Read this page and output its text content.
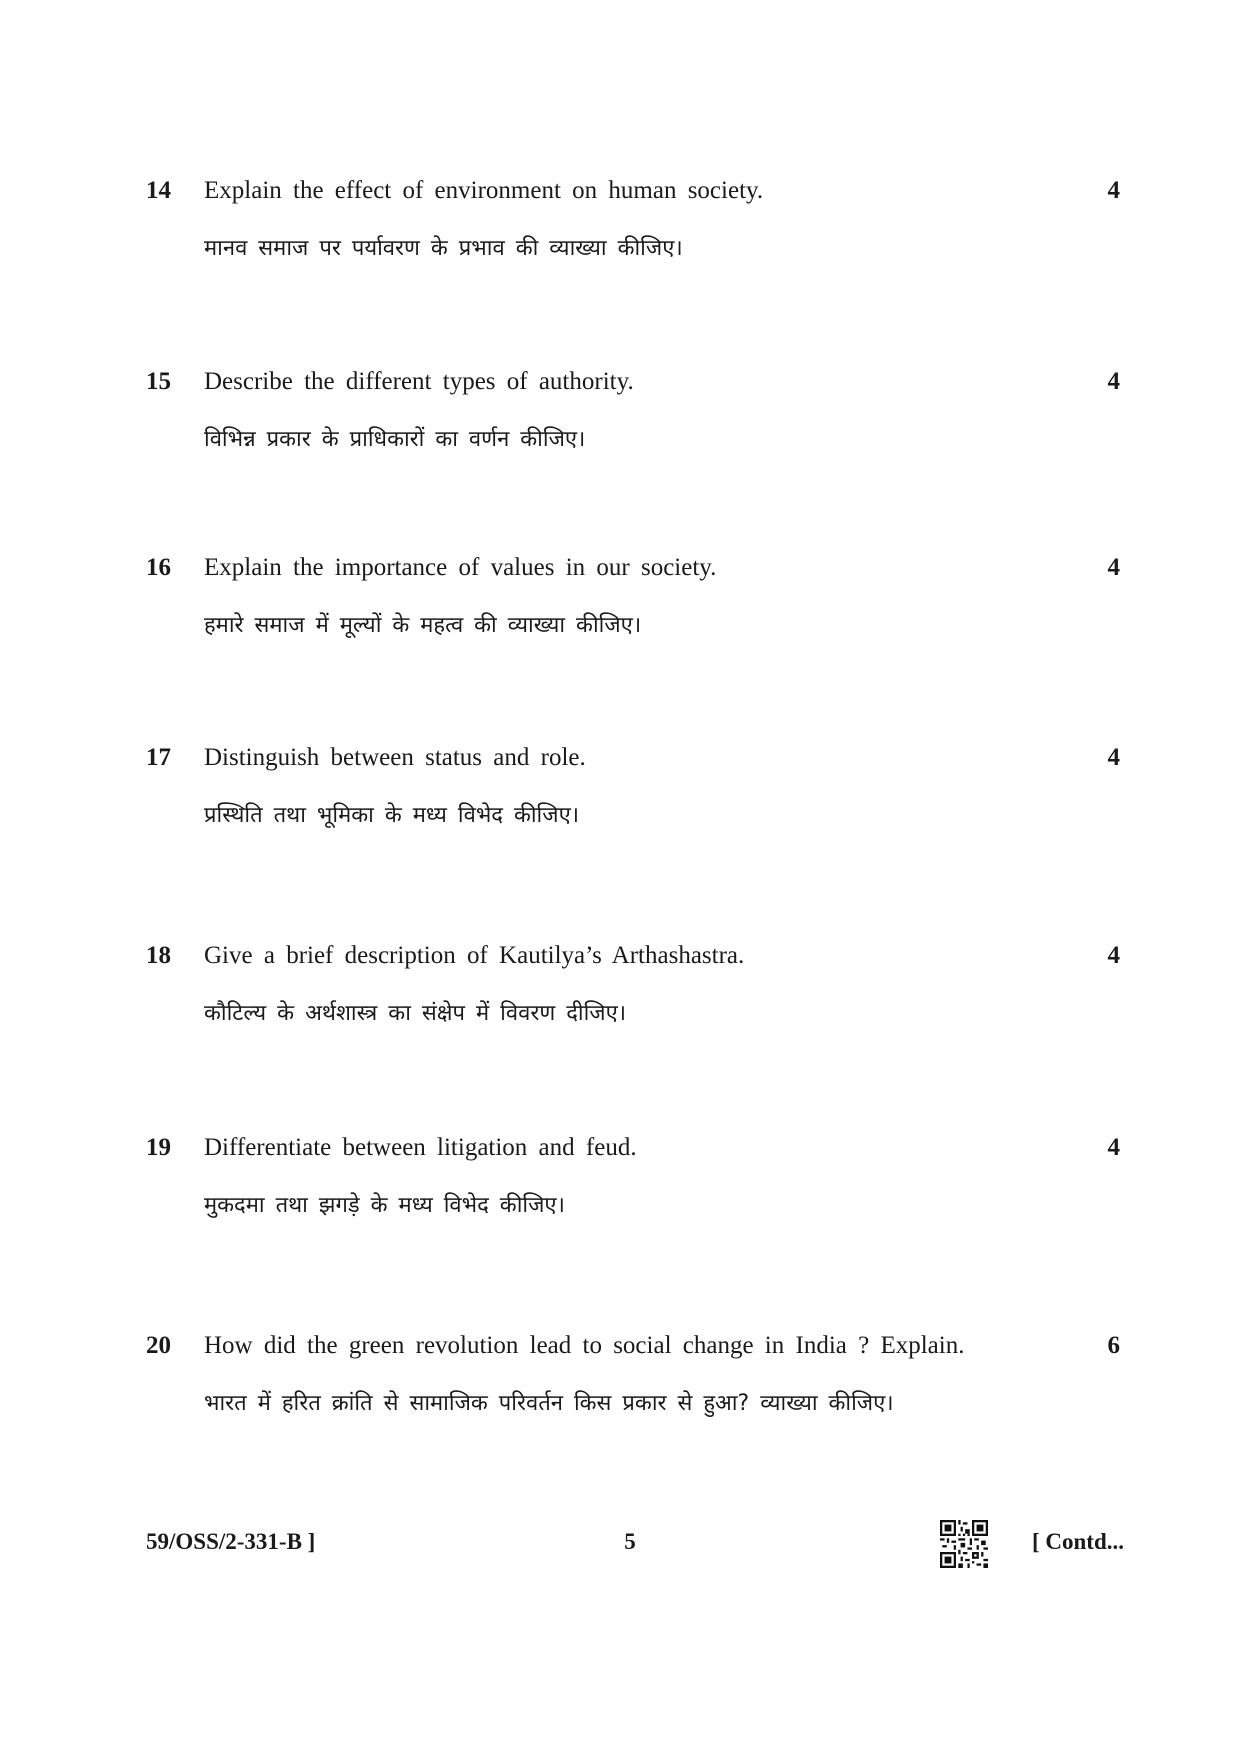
14 Explain the effect of environment on human society.	4
मानव समाज पर पर्यावरण के प्रभाव की व्याख्या कीजिए।
15 Describe the different types of authority.	4
विभिन्न प्रकार के प्राधिकारों का वर्णन कीजिए।
16 Explain the importance of values in our society.	4
हमारे समाज में मूल्यों के महत्व की व्याख्या कीजिए।
17 Distinguish between status and role.	4
प्रस्थिति तथा भूमिका के मध्य विभेद कीजिए।
18 Give a brief description of Kautilya’s Arthashastra.	4
कौटिल्य के अर्थशास्त्र का संक्षेप में विवरण दीजिए।
19 Differentiate between litigation and feud.	4
मुकदमा तथा झगड़े के मध्य विभेद कीजिए।
20 How did the green revolution lead to social change in India ? Explain.	6
भारत में हरित क्रांति से सामाजिक परिवर्तन किस प्रकार से हुआ? व्याख्या कीजिए।
59/OSS/2-331-B ]	5	[ Contd...
